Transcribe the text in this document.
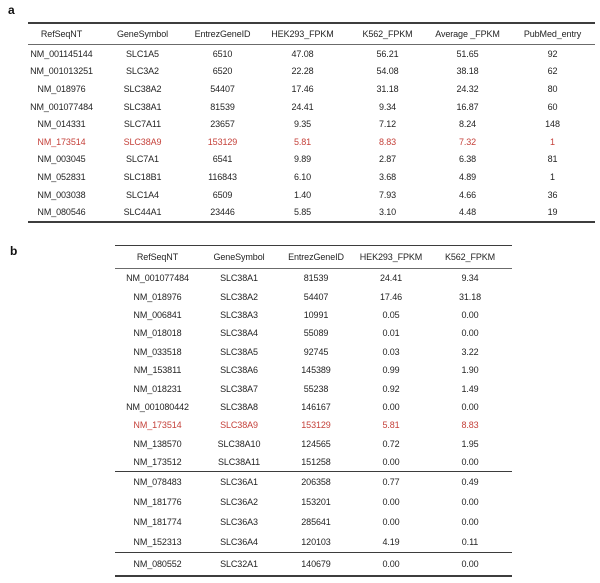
a
RefSeqNT	GeneSymbol	EntrezGeneID	HEK293_FPKM	K562_FPKM	Average _FPKM	PubMed_entry
NM_001145144	SLC1A5	6510	47.08	56.21	51.65	92
NM_001013251	SLC3A2	6520	22.28	54.08	38.18	62
NM_018976	SLC38A2	54407	17.46	31.18	24.32	80
NM_001077484	SLC38A1	81539	24.41	9.34	16.87	60
NM_014331	SLC7A11	23657	9.35	7.12	8.24	148
NM_173514	SLC38A9	153129	5.81	8.83	7.32	1
NM_003045	SLC7A1	6541	9.89	2.87	6.38	81
NM_052831	SLC18B1	116843	6.10	3.68	4.89	1
NM_003038	SLC1A4	6509	1.40	7.93	4.66	36
NM_080546	SLC44A1	23446	5.85	3.10	4.48	19
b	RefSeqNT	GeneSymbol	EntrezGeneID	HEK293_FPKM	K562_FPKM
NM_001077484	SLC38A1	81539	24.41	9.34
NM_018976	SLC38A2	54407	17.46	31.18
NM_006841	SLC38A3	10991	0.05	0.00
NM_018018	SLC38A4	55089	0.01	0.00
NM_033518	SLC38A5	92745	0.03	3.22
NM_153811	SLC38A6	145389	0.99	1.90
NM_018231	SLC38A7	55238	0.92	1.49
NM_001080442	SLC38A8	146167	0.00	0.00
NM_173514	SLC38A9	153129	5.81	8.83
NM_138570	SLC38A10	124565	0.72	1.95
NM_173512	SLC38A11	151258	0.00	0.00
NM_078483	SLC36A1	206358	0.77	0.49
NM_181776	SLC36A2	153201	0.00	0.00
NM_181774	SLC36A3	285641	0.00	0.00
NM_152313	SLC36A4	120103	4.19	0.11
NM_080552	SLC32A1	140679	0.00	0.00
